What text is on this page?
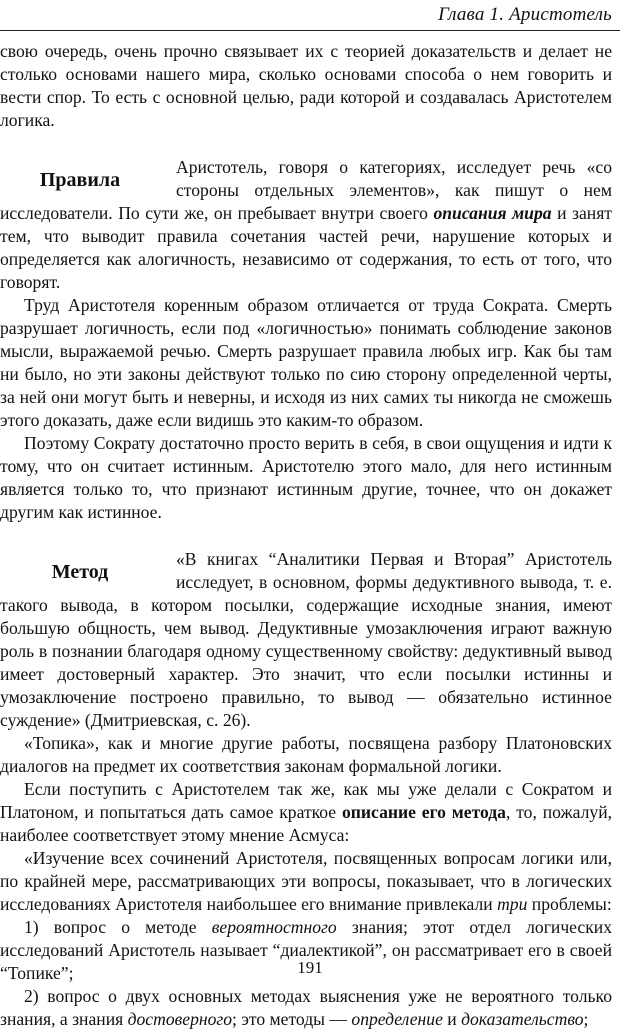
Глава 1. Аристотель

свою очередь, очень прочно связывает их с теорией доказательств и делает не столько основами нашего мира, сколько основами способа о нем говорить и вести спор. То есть с основной целью, ради которой и создавалась Аристотелем логика.

Правила

Аристотель, говоря о категориях, исследует речь «со стороны отдельных элементов», как пишут о нем исследователи. По сути же, он пребывает внутри своего описания мира и занят тем, что выводит правила сочетания частей речи, нарушение которых и определяется как алогичность, независимо от содержания, то есть от того, что говорят.

Труд Аристотеля коренным образом отличается от труда Сократа. Смерть разрушает логичность, если под «логичностью» понимать соблюдение законов мысли, выражаемой речью. Смерть разрушает правила любых игр. Как бы там ни было, но эти законы действуют только по сию сторону определенной черты, за ней они могут быть и неверны, и исходя из них самих ты никогда не сможешь этого доказать, даже если видишь это каким-то образом.

Поэтому Сократу достаточно просто верить в себя, в свои ощущения и идти к тому, что он считает истинным. Аристотелю этого мало, для него истинным является только то, что признают истинным другие, точнее, что он докажет другим как истинное.

Метод

«В книгах “Аналитики Первая и Вторая” Аристотель исследует, в основном, формы дедуктивного вывода, т. е. такого вывода, в котором посылки, содержащие исходные знания, имеют большую общность, чем вывод. Дедуктивные умозаключения играют важную роль в познании благодаря одному существенному свойству: дедуктивный вывод имеет достоверный характер. Это значит, что если посылки истинны и умозаключение построено правильно, то вывод — обязательно истинное суждение» (Дмитриевская, с. 26).

«Топика», как и многие другие работы, посвящена разбору Платоновских диалогов на предмет их соответствия законам формальной логики.

Если поступить с Аристотелем так же, как мы уже делали с Сократом и Платоном, и попытаться дать самое краткое описание его метода, то, пожалуй, наиболее соответствует этому мнение Асмуса:

«Изучение всех сочинений Аристотеля, посвященных вопросам логики или, по крайней мере, рассматривающих эти вопросы, показывает, что в логических исследованиях Аристотеля наибольшее его внимание привлекали три проблемы:

1) вопрос о методе вероятностного знания; этот отдел логических исследований Аристотель называет “диалектикой”, он рассматривает его в своей “Топике”;

2) вопрос о двух основных методах выяснения уже не вероятного только знания, а знания достоверного; это методы — определение и доказательство;

191
